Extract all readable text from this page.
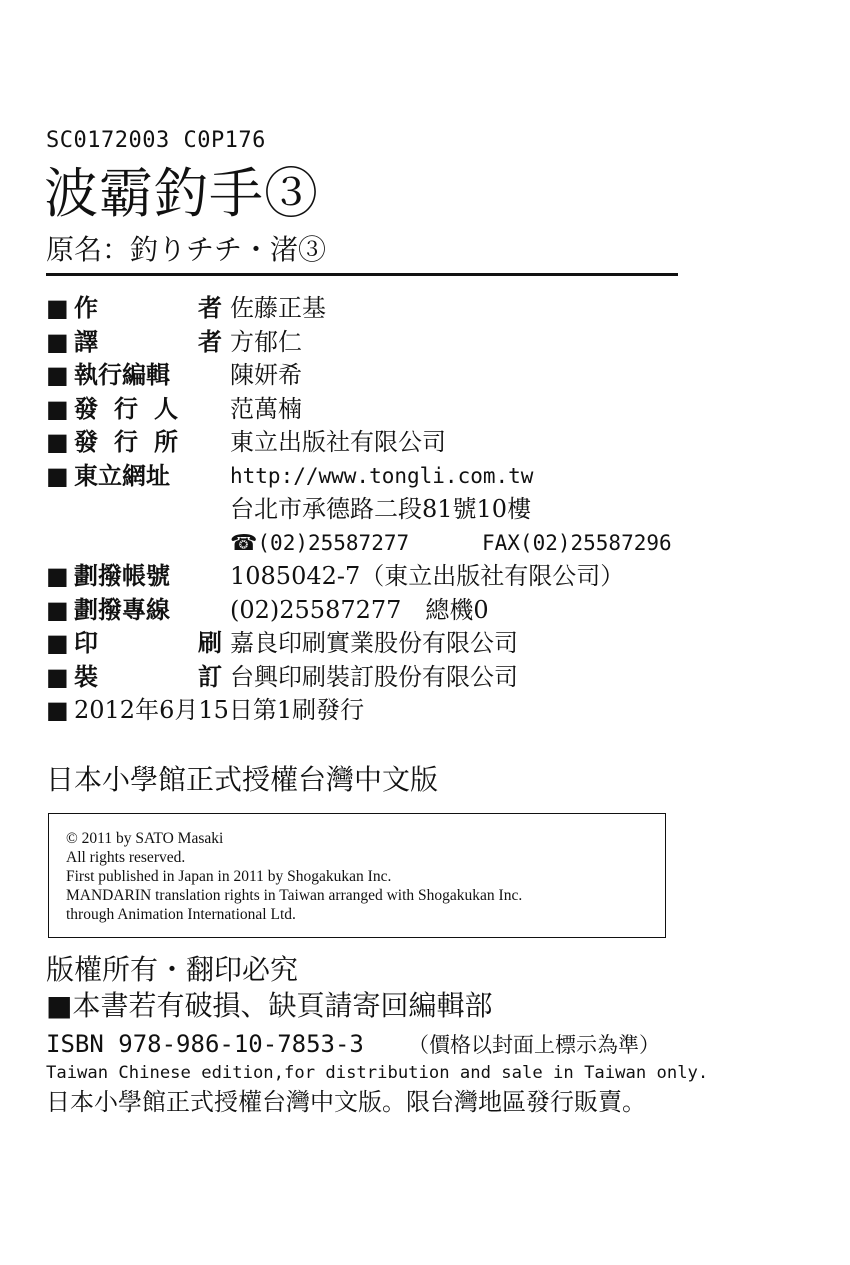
SC0172003 C0P176
波霸釣手③
原名：釣りチチ・渚③
■ 作	者 佐藤正基
■ 譯	者 方郁仁
■ 執行編輯	陳妍希
■ 發 行 人 范萬楠
■ 發 行 所 東立出版社有限公司
■ 東立網址	http://www.tongli.com.tw
台北市承德路二段81號10樓
☎(02)25587277	FAX(02)25587296
■ 劃撥帳號	1085042-7（東立出版社有限公司）
■ 劃撥專線	(02)25587277　總機0
■ 印	刷 嘉良印刷實業股份有限公司
■ 裝	訂 台興印刷裝訂股份有限公司
■ 2012年6月15日第1刷發行
日本小學館正式授權台灣中文版
© 2011 by SATO Masaki
All rights reserved.
First published in Japan in 2011 by Shogakukan Inc.
MANDARIN translation rights in Taiwan arranged with Shogakukan Inc.
through Animation International Ltd.
版權所有・翻印必究
■本書若有破損、缺頁請寄回編輯部
ISBN 978-986-10-7853-3 （價格以封面上標示為準）
Taiwan Chinese edition,for distribution and sale in Taiwan only.
日本小學館正式授權台灣中文版。限台灣地區發行販賣。
